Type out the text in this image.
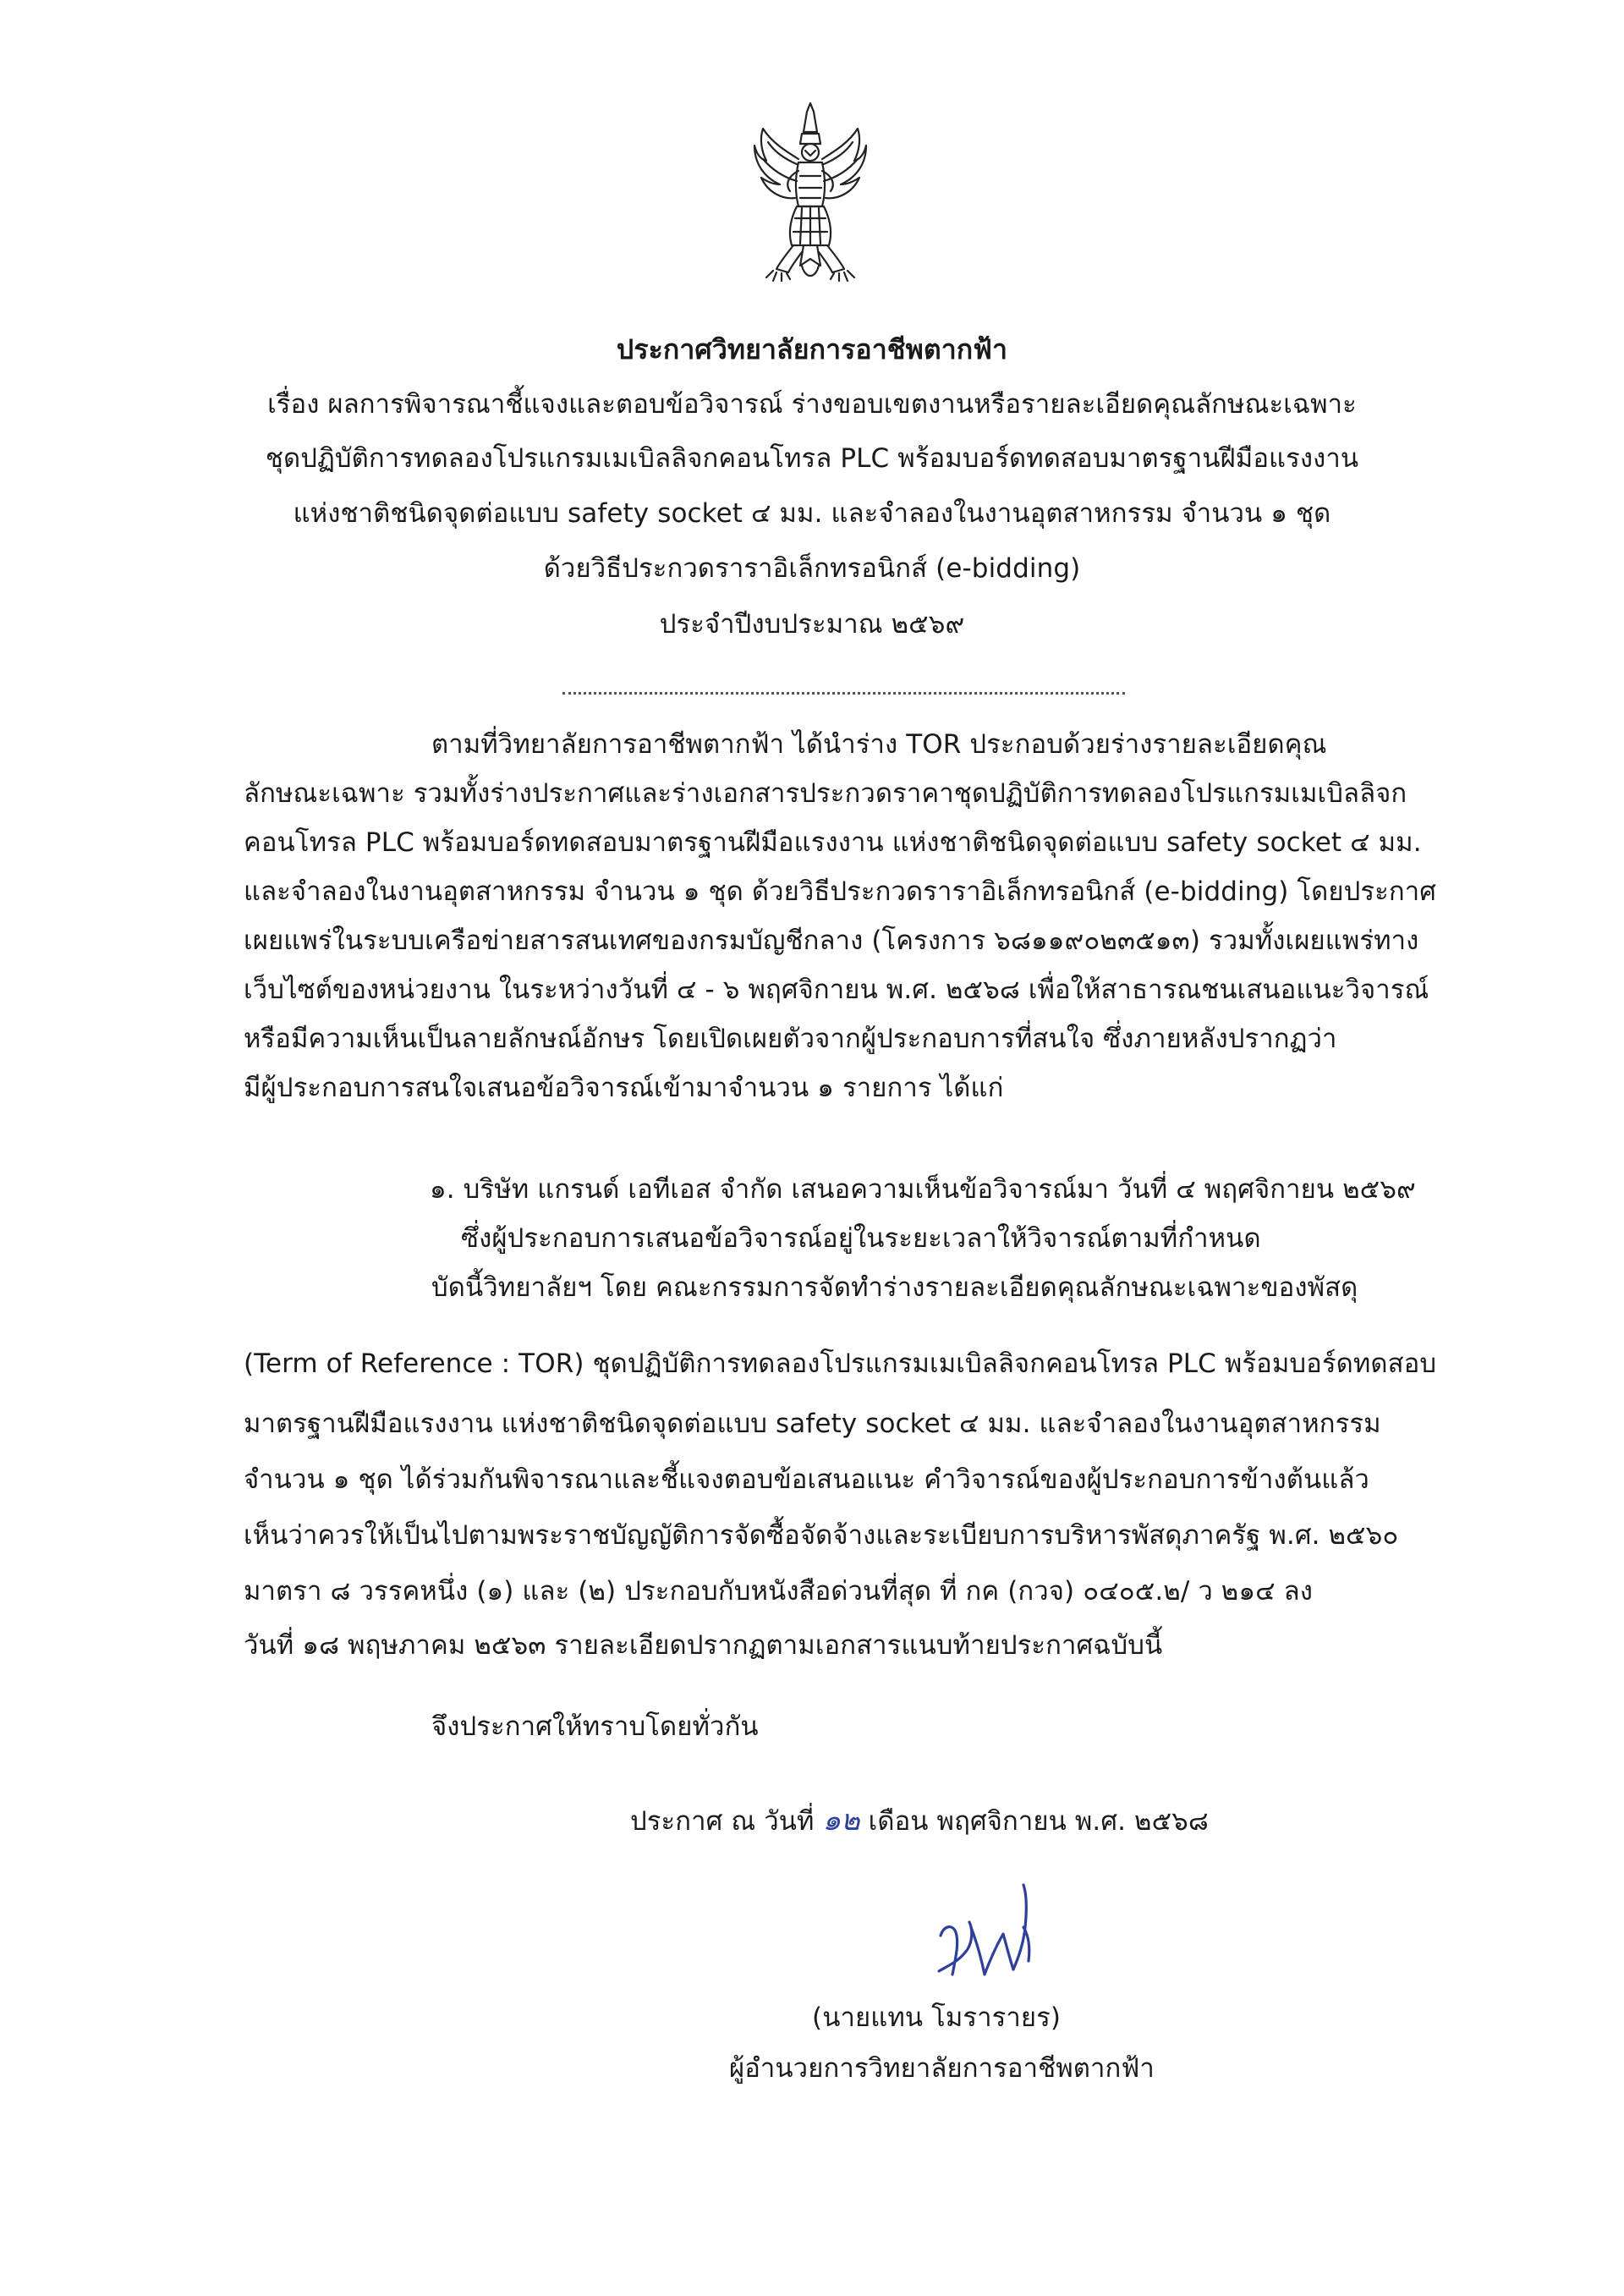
ประกาศวิทยาลัยการอาชีพตากฟ้า
เรื่อง ผลการพิจารณาชี้แจงและตอบข้อวิจารณ์ ร่างขอบเขตงานหรือรายละเอียดคุณลักษณะเฉพาะ
ชุดปฏิบัติการทดลองโปรแกรมเมเบิลลิจกคอนโทรล PLC พร้อมบอร์ดทดสอบมาตรฐานฝีมือแรงงาน
แห่งชาติชนิดจุดต่อแบบ safety socket ๔ มม. และจำลองในงานอุตสาหกรรม จำนวน ๑ ชุด
ด้วยวิธีประกวดราราอิเล็กทรอนิกส์ (e-bidding)
ประจำปีงบประมาณ ๒๕๖๙
ตามที่วิทยาลัยการอาชีพตากฟ้า ได้นำร่าง TOR ประกอบด้วยร่างรายละเอียดคุณ
ลักษณะเฉพาะ รวมทั้งร่างประกาศและร่างเอกสารประกวดราคาชุดปฏิบัติการทดลองโปรแกรมเมเบิลลิจก
คอนโทรล PLC พร้อมบอร์ดทดสอบมาตรฐานฝีมือแรงงาน แห่งชาติชนิดจุดต่อแบบ safety socket ๔ มม.
และจำลองในงานอุตสาหกรรม จำนวน ๑ ชุด ด้วยวิธีประกวดราราอิเล็กทรอนิกส์ (e-bidding) โดยประกาศ
เผยแพร่ในระบบเครือข่ายสารสนเทศของกรมบัญชีกลาง (โครงการ ๖๘๑๑๙๐๒๓๕๑๓) รวมทั้งเผยแพร่ทาง
เว็บไซต์ของหน่วยงาน ในระหว่างวันที่ ๔ - ๖ พฤศจิกายน พ.ศ. ๒๕๖๘ เพื่อให้สาธารณชนเสนอแนะวิจารณ์
หรือมีความเห็นเป็นลายลักษณ์อักษร โดยเปิดเผยตัวจากผู้ประกอบการที่สนใจ ซึ่งภายหลังปรากฏว่า
มีผู้ประกอบการสนใจเสนอข้อวิจารณ์เข้ามาจำนวน ๑ รายการ ได้แก่
๑. บริษัท แกรนด์ เอทีเอส จำกัด เสนอความเห็นข้อวิจารณ์มา วันที่ ๔ พฤศจิกายน ๒๕๖๙
ซึ่งผู้ประกอบการเสนอข้อวิจารณ์อยู่ในระยะเวลาให้วิจารณ์ตามที่กำหนด
บัดนี้วิทยาลัยฯ โดย คณะกรรมการจัดทำร่างรายละเอียดคุณลักษณะเฉพาะของพัสดุ
(Term of Reference : TOR) ชุดปฏิบัติการทดลองโปรแกรมเมเบิลลิจกคอนโทรล PLC พร้อมบอร์ดทดสอบ
มาตรฐานฝีมือแรงงาน แห่งชาติชนิดจุดต่อแบบ safety socket ๔ มม. และจำลองในงานอุตสาหกรรม
จำนวน ๑ ชุด ได้ร่วมกันพิจารณาและชี้แจงตอบข้อเสนอแนะ คำวิจารณ์ของผู้ประกอบการข้างต้นแล้ว
เห็นว่าควรให้เป็นไปตามพระราชบัญญัติการจัดซื้อจัดจ้างและระเบียบการบริหารพัสดุภาครัฐ พ.ศ. ๒๕๖๐
มาตรา ๘ วรรคหนึ่ง (๑) และ (๒) ประกอบกับหนังสือด่วนที่สุด ที่ กค (กวจ) ๐๔๐๕.๒/ ว ๒๑๔ ลง
วันที่ ๑๘ พฤษภาคม ๒๕๖๓ รายละเอียดปรากฏตามเอกสารแนบท้ายประกาศฉบับนี้
จึงประกาศให้ทราบโดยทั่วกัน
ประกาศ ณ วันที่ ๑๒ เดือน พฤศจิกายน พ.ศ. ๒๕๖๘
(นายแทน โมรารายร)
ผู้อำนวยการวิทยาลัยการอาชีพตากฟ้า
